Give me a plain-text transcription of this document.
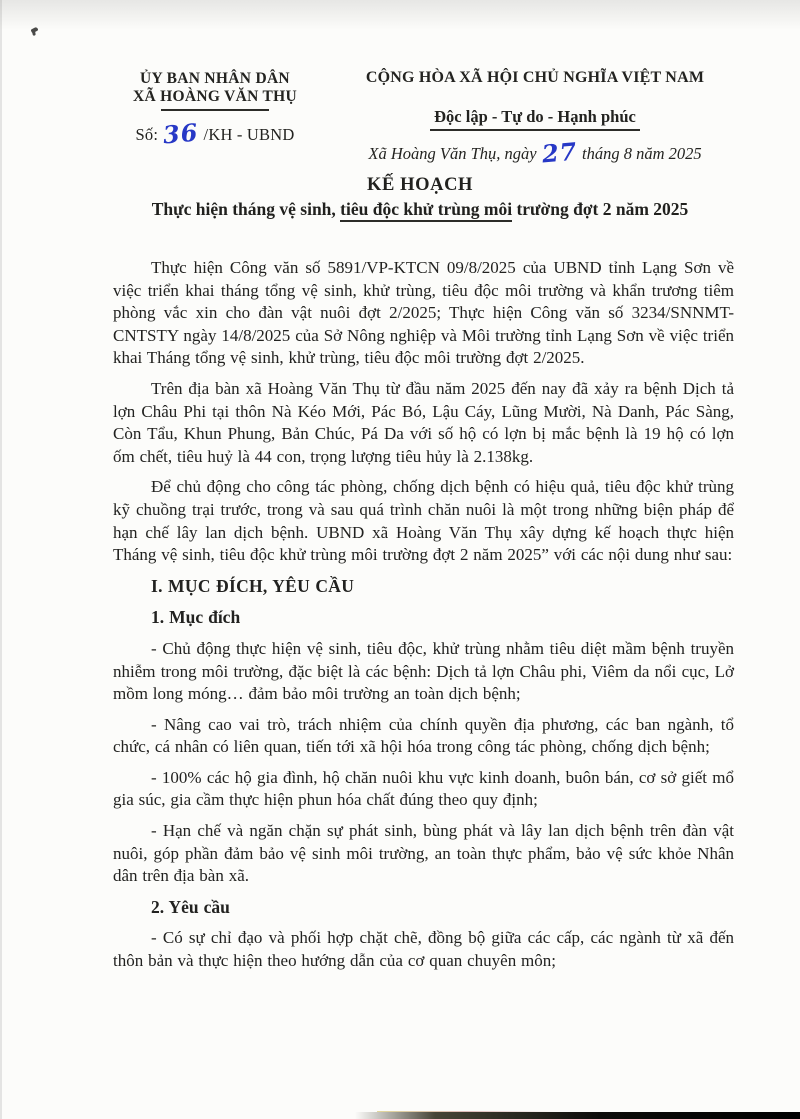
ỦY BAN NHÂN DÂN
XÃ HOÀNG VĂN THỤ
Số: 36 /KH - UBND
CỘNG HÒA XÃ HỘI CHỦ NGHĨA VIỆT NAM

Độc lập - Tự do - Hạnh phúc
Xã Hoàng Văn Thụ, ngày 27 tháng 8 năm 2025
KẾ HOẠCH
Thực hiện tháng vệ sinh, tiêu độc khử trùng môi trường đợt 2 năm 2025

Thực hiện Công văn số 5891/VP-KTCN 09/8/2025 của UBND tỉnh Lạng Sơn về việc triển khai tháng tổng vệ sinh, khử trùng, tiêu độc môi trường và khẩn trương tiêm phòng vắc xin cho đàn vật nuôi đợt 2/2025; Thực hiện Công văn số 3234/SNNMT-CNTSTY ngày 14/8/2025 của Sở Nông nghiệp và Môi trường tỉnh Lạng Sơn về việc triển khai Tháng tổng vệ sinh, khử trùng, tiêu độc môi trường đợt 2/2025.

Trên địa bàn xã Hoàng Văn Thụ từ đầu năm 2025 đến nay đã xảy ra bệnh Dịch tả lợn Châu Phi tại thôn Nà Kéo Mới, Pác Bó, Lậu Cáy, Lũng Mười, Nà Danh, Pác Sàng, Còn Tẩu, Khun Phung, Bản Chúc, Pá Da với số hộ có lợn bị mắc bệnh là 19 hộ có lợn ốm chết, tiêu huỷ là 44 con, trọng lượng tiêu hủy là 2.138kg.

Để chủ động cho công tác phòng, chống dịch bệnh có hiệu quả, tiêu độc khử trùng kỹ chuồng trại trước, trong và sau quá trình chăn nuôi là một trong những biện pháp để hạn chế lây lan dịch bệnh. UBND xã Hoàng Văn Thụ xây dựng kế hoạch thực hiện Tháng vệ sinh, tiêu độc khử trùng môi trường đợt 2 năm 2025” với các nội dung như sau:

I. MỤC ĐÍCH, YÊU CẦU
1. Mục đích

- Chủ động thực hiện vệ sinh, tiêu độc, khử trùng nhằm tiêu diệt mầm bệnh truyền nhiễm trong môi trường, đặc biệt là các bệnh: Dịch tả lợn Châu phi, Viêm da nổi cục, Lở mồm long móng… đảm bảo môi trường an toàn dịch bệnh;

- Nâng cao vai trò, trách nhiệm của chính quyền địa phương, các ban ngành, tổ chức, cá nhân có liên quan, tiến tới xã hội hóa trong công tác phòng, chống dịch bệnh;

- 100% các hộ gia đình, hộ chăn nuôi khu vực kinh doanh, buôn bán, cơ sở giết mổ gia súc, gia cầm thực hiện phun hóa chất đúng theo quy định;

- Hạn chế và ngăn chặn sự phát sinh, bùng phát và lây lan dịch bệnh trên đàn vật nuôi, góp phần đảm bảo vệ sinh môi trường, an toàn thực phẩm, bảo vệ sức khỏe Nhân dân trên địa bàn xã.

2. Yêu cầu

- Có sự chỉ đạo và phối hợp chặt chẽ, đồng bộ giữa các cấp, các ngành từ xã đến thôn bản và thực hiện theo hướng dẫn của cơ quan chuyên môn;
